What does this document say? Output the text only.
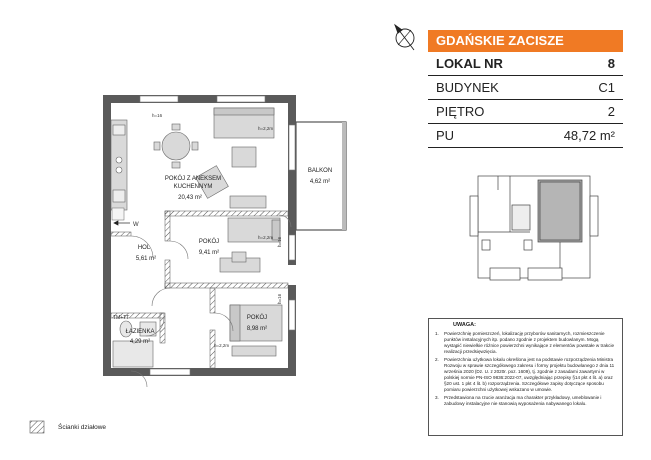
POKÓJ Z ANEKSEM
KUCHENNYM
20,43 m²
BALKON
4,62 m²
POKÓJ
9,41 m²
HOL
5,61 m²
POKÓJ
8,98 m²
ŁAZIENKA
4,29 m²
h=16
h=2,2m
h=2,2m h=16
h=16
h=2,2m
W
TM+TT
GDAŃSKIE ZACISZE
LOKAL NR	8
BUDYNEK	C1
PIĘTRO	2
PU	48,72 m²
UWAGA:
1.	Powierzchnię pomieszczeń, lokalizację przyborów sanitarnych, rozmieszczenie punktów instalacyjnych itp. podano zgodnie z projektem budowlanym. Mogą wystąpić niewielkie różnice powierzchni wynikające z elementów powstałe w trakcie realizacji przedsięwzięcia.
2.	Powierzchnia użytkowa lokalu określona jest na podstawie rozporządzenia Ministra Rozwoju w sprawie szczegółowego zakresu i formy projektu budowlanego z dnia 11 września 2020 (Dz. U. z 2020r. poz. 1609), tj. zgodnie z zasadami zawartymi w polskiej normie PN-ISO 9836:2022-07, uwzględniając przepisy §14 pkt 4 lit. a) oraz §20 ust. 1 pkt 4 lit. b) rozporządzenia. Szczegółowe zapisy dotyczące sposobu pomiaru powierzchni użytkowej wskazano w umowie.
3.	Przedstawiona na rzucie aranżacja ma charakter przykładowy, umeblowanie i zabudowy instalacyjne nie stanowią wyposażenia nabywanego lokalu.
Ścianki działowe
